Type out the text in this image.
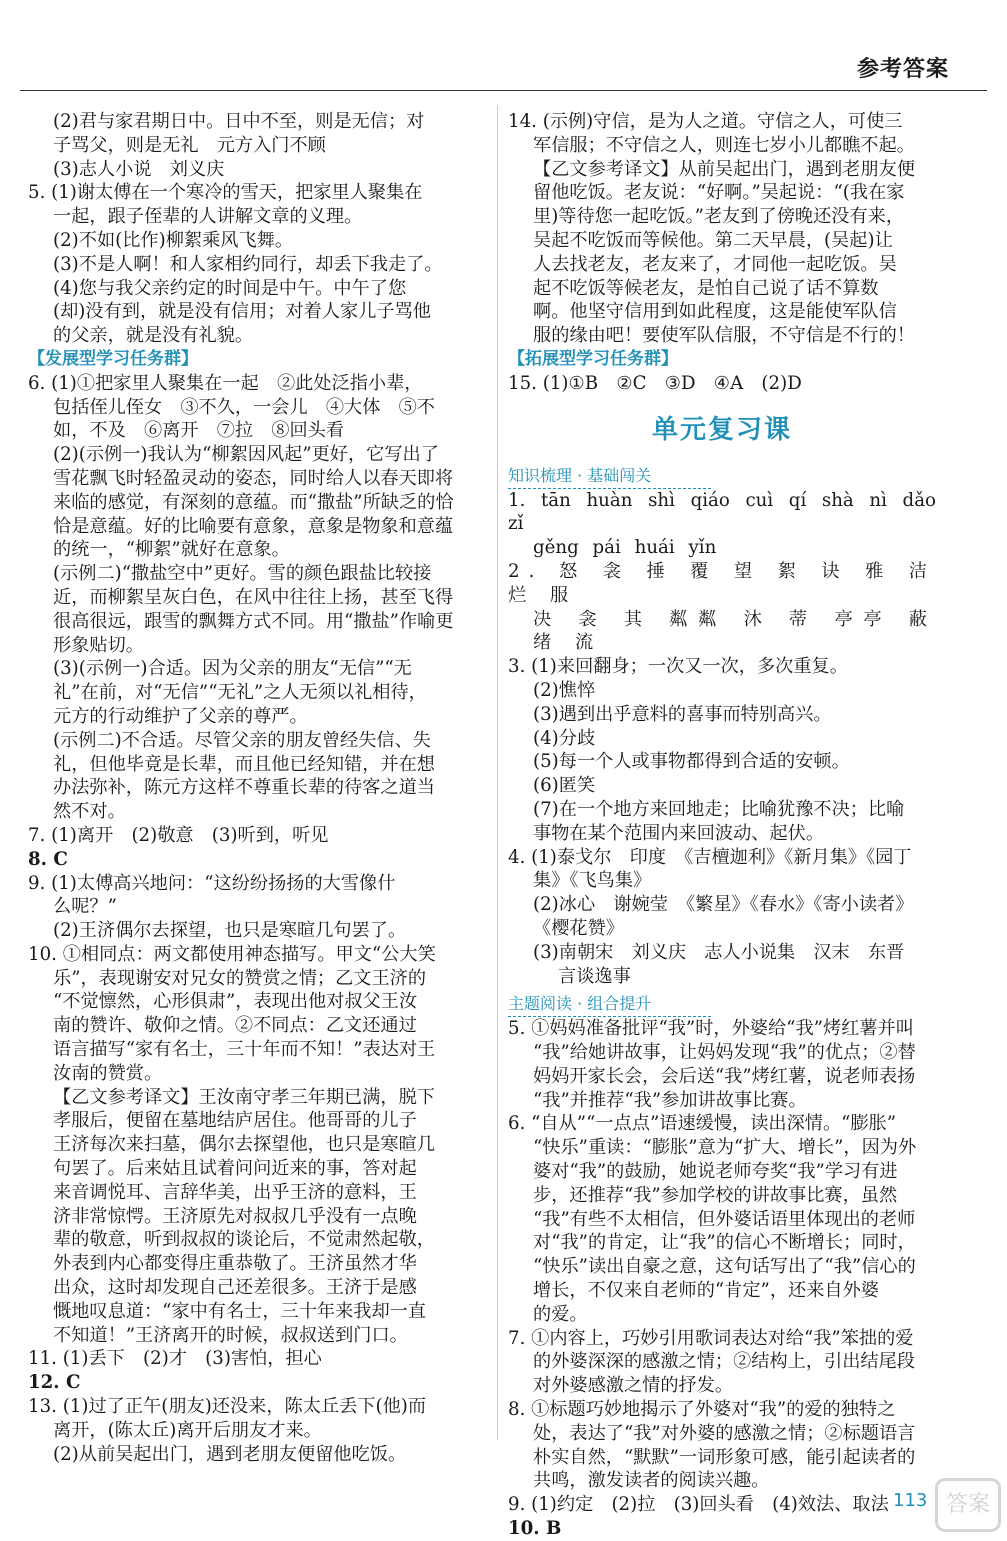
参考答案
(2)君与家君期日中。日中不至，则是无信；对
子骂父，则是无礼　元方入门不顾
(3)志人小说　刘义庆
5. (1)谢太傅在一个寒冷的雪天，把家里人聚集在
一起，跟子侄辈的人讲解文章的义理。
(2)不如(比作)柳絮乘风飞舞。
(3)不是人啊！和人家相约同行，却丢下我走了。
(4)您与我父亲约定的时间是中午。中午了您
(却)没有到，就是没有信用；对着人家儿子骂他
的父亲，就是没有礼貌。
【发展型学习任务群】
6. (1)①把家里人聚集在一起　②此处泛指小辈，
包括侄儿侄女　③不久，一会儿　④大体　⑤不
如，不及　⑥离开　⑦拉　⑧回头看
(2)(示例一)我认为“柳絮因风起”更好，它写出了
雪花飘飞时轻盈灵动的姿态，同时给人以春天即将
来临的感觉，有深刻的意蕴。而“撒盐”所缺乏的恰
恰是意蕴。好的比喻要有意象，意象是物象和意蕴
的统一，“柳絮”就好在意象。
(示例二)“撒盐空中”更好。雪的颜色跟盐比较接
近，而柳絮呈灰白色，在风中往往上扬，甚至飞得
很高很远，跟雪的飘舞方式不同。用“撒盐”作喻更
形象贴切。
(3)(示例一)合适。因为父亲的朋友“无信”“无
礼”在前，对“无信”“无礼”之人无须以礼相待，
元方的行动维护了父亲的尊严。
(示例二)不合适。尽管父亲的朋友曾经失信、失
礼，但他毕竟是长辈，而且他已经知错，并在想
办法弥补，陈元方这样不尊重长辈的待客之道当
然不对。
7. (1)离开　(2)敬意　(3)听到，听见
8. C
9. (1)太傅高兴地问：“这纷纷扬扬的大雪像什
么呢？”
(2)王济偶尔去探望，也只是寒暄几句罢了。
10. ①相同点：两文都使用神态描写。甲文“公大笑
乐”，表现谢安对兄女的赞赏之情；乙文王济的
“不觉懔然，心形俱肃”，表现出他对叔父王汝
南的赞许、敬仰之情。②不同点：乙文还通过
语言描写“家有名士，三十年而不知！”表达对王
汝南的赞赏。
【乙文参考译文】王汝南守孝三年期已满，脱下
孝服后，便留在墓地结庐居住。他哥哥的儿子
王济每次来扫墓，偶尔去探望他，也只是寒暄几
句罢了。后来姑且试着问问近来的事，答对起
来音调悦耳、言辞华美，出乎王济的意料，王
济非常惊愕。王济原先对叔叔几乎没有一点晚
辈的敬意，听到叔叔的谈论后，不觉肃然起敬，
外表到内心都变得庄重恭敬了。王济虽然才华
出众，这时却发现自己还差很多。王济于是感
慨地叹息道：“家中有名士，三十年来我却一直
不知道！”王济离开的时候，叔叔送到门口。
11. (1)丢下　(2)才　(3)害怕，担心
12. C
13. (1)过了正午(朋友)还没来，陈太丘丢下(他)而
离开，(陈太丘)离开后朋友才来。
(2)从前吴起出门，遇到老朋友便留他吃饭。
14. (示例)守信，是为人之道。守信之人，可使三
军信服；不守信之人，则连七岁小儿都瞧不起。
【乙文参考译文】从前吴起出门，遇到老朋友便
留他吃饭。老友说：“好啊。”吴起说：“(我在家
里)等待您一起吃饭。”老友到了傍晚还没有来，
吴起不吃饭而等候他。第二天早晨，(吴起)让
人去找老友，老友来了，才同他一起吃饭。吴
起不吃饭等候老友，是怕自己说了话不算数
啊。他坚守信用到如此程度，这是能使军队信
服的缘由吧！要使军队信服，不守信是不行的！
【拓展型学习任务群】
15. (1)①B　②C　③D　④A　(2)D
单元复习课
知识梳理 · 基础闯关
1. tān huàn shì qiáo cuì qí shà nì dǎo zǐ
gěng pái huái yǐn
2. 怒 衾 捶 覆 望 絮 诀 雅 洁 烂 服
决 衾 其 粼粼 沐 蒂 亭亭 蔽 绪 流
3. (1)来回翻身；一次又一次，多次重复。
(2)憔悴
(3)遇到出乎意料的喜事而特别高兴。
(4)分歧
(5)每一个人或事物都得到合适的安顿。
(6)匿笑
(7)在一个地方来回地走；比喻犹豫不决；比喻
事物在某个范围内来回波动、起伏。
4. (1)泰戈尔　印度　《吉檀迦利》《新月集》《园丁
集》《飞鸟集》
(2)冰心　谢婉莹　《繁星》《春水》《寄小读者》
《樱花赞》
(3)南朝宋　刘义庆　志人小说集　汉末　东晋
言谈逸事
主题阅读 · 组合提升
5. ①妈妈准备批评“我”时，外婆给“我”烤红薯并叫
“我”给她讲故事，让妈妈发现“我”的优点；②替
妈妈开家长会，会后送“我”烤红薯，说老师表扬
“我”并推荐“我”参加讲故事比赛。
6. “自从”“一点点”语速缓慢，读出深情。“膨胀”
“快乐”重读：“膨胀”意为“扩大、增长”，因为外
婆对“我”的鼓励，她说老师夸奖“我”学习有进
步，还推荐“我”参加学校的讲故事比赛，虽然
“我”有些不太相信，但外婆话语里体现出的老师
对“我”的肯定，让“我”的信心不断增长；同时，
“快乐”读出自豪之意，这句话写出了“我”信心的
增长，不仅来自老师的“肯定”，还来自外婆
的爱。
7. ①内容上，巧妙引用歌词表达对给“我”笨拙的爱
的外婆深深的感激之情；②结构上，引出结尾段
对外婆感激之情的抒发。
8. ①标题巧妙地揭示了外婆对“我”的爱的独特之
处，表达了“我”对外婆的感激之情；②标题语言
朴实自然，“默默”一词形象可感，能引起读者的
共鸣，激发读者的阅读兴趣。
9. (1)约定　(2)拉　(3)回头看　(4)效法、取法
10. B
113 答案
